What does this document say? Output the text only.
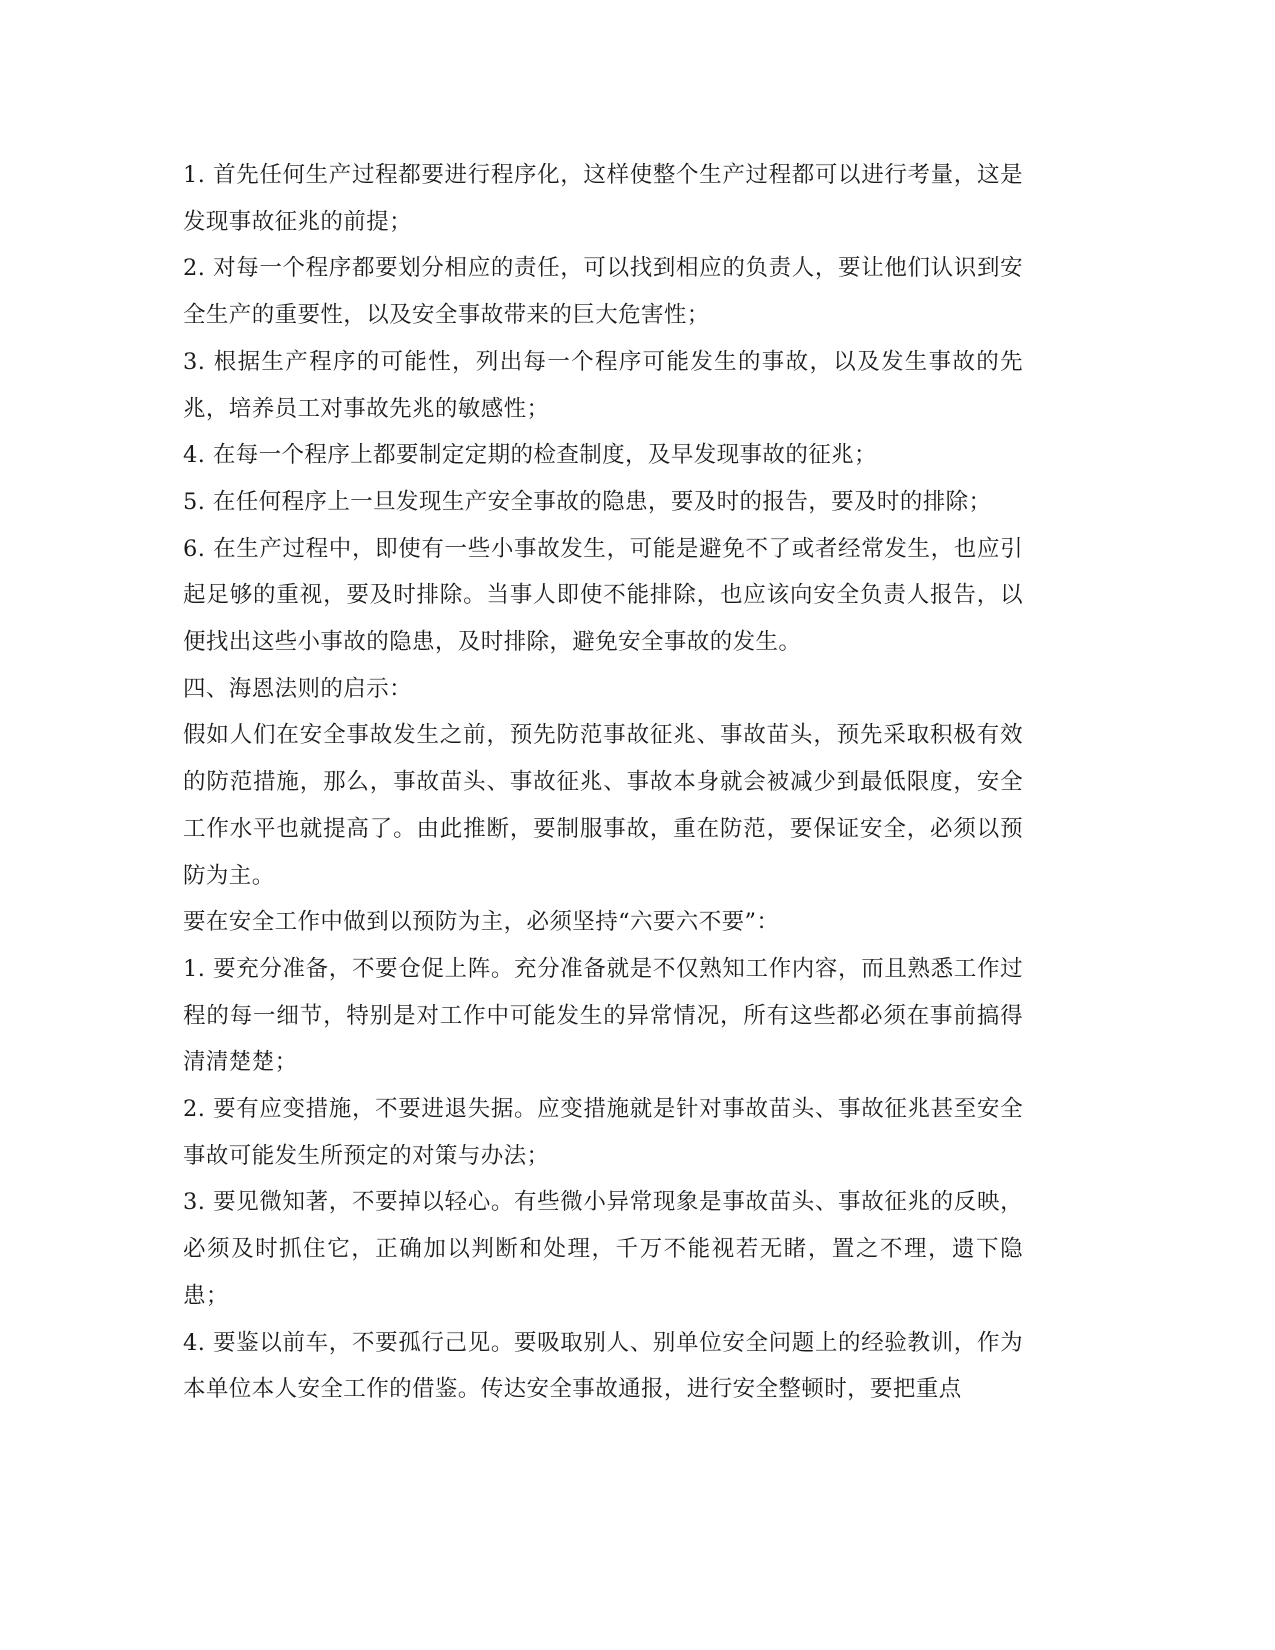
1. 首先任何生产过程都要进行程序化，这样使整个生产过程都可以进行考量，这是发现事故征兆的前提；

2. 对每一个程序都要划分相应的责任，可以找到相应的负责人，要让他们认识到安全生产的重要性，以及安全事故带来的巨大危害性；

3. 根据生产程序的可能性，列出每一个程序可能发生的事故，以及发生事故的先兆，培养员工对事故先兆的敏感性；

4. 在每一个程序上都要制定定期的检查制度，及早发现事故的征兆；

5. 在任何程序上一旦发现生产安全事故的隐患，要及时的报告，要及时的排除；

6. 在生产过程中，即使有一些小事故发生，可能是避免不了或者经常发生，也应引起足够的重视，要及时排除。当事人即使不能排除，也应该向安全负责人报告，以便找出这些小事故的隐患，及时排除，避免安全事故的发生。

四、海恩法则的启示：

假如人们在安全事故发生之前，预先防范事故征兆、事故苗头，预先采取积极有效的防范措施，那么，事故苗头、事故征兆、事故本身就会被减少到最低限度，安全工作水平也就提高了。由此推断，要制服事故，重在防范，要保证安全，必须以预防为主。

要在安全工作中做到以预防为主，必须坚持“六要六不要”：

1. 要充分准备，不要仓促上阵。充分准备就是不仅熟知工作内容，而且熟悉工作过程的每一细节，特别是对工作中可能发生的异常情况，所有这些都必须在事前搞得清清楚楚；

2. 要有应变措施，不要进退失据。应变措施就是针对事故苗头、事故征兆甚至安全事故可能发生所预定的对策与办法；

3. 要见微知著，不要掉以轻心。有些微小异常现象是事故苗头、事故征兆的反映，必须及时抓住它，正确加以判断和处理，千万不能视若无睹，置之不理，遗下隐患；

4. 要鉴以前车，不要孤行己见。要吸取别人、别单位安全问题上的经验教训，作为本单位本人安全工作的借鉴。传达安全事故通报，进行安全整顿时，要把重点
